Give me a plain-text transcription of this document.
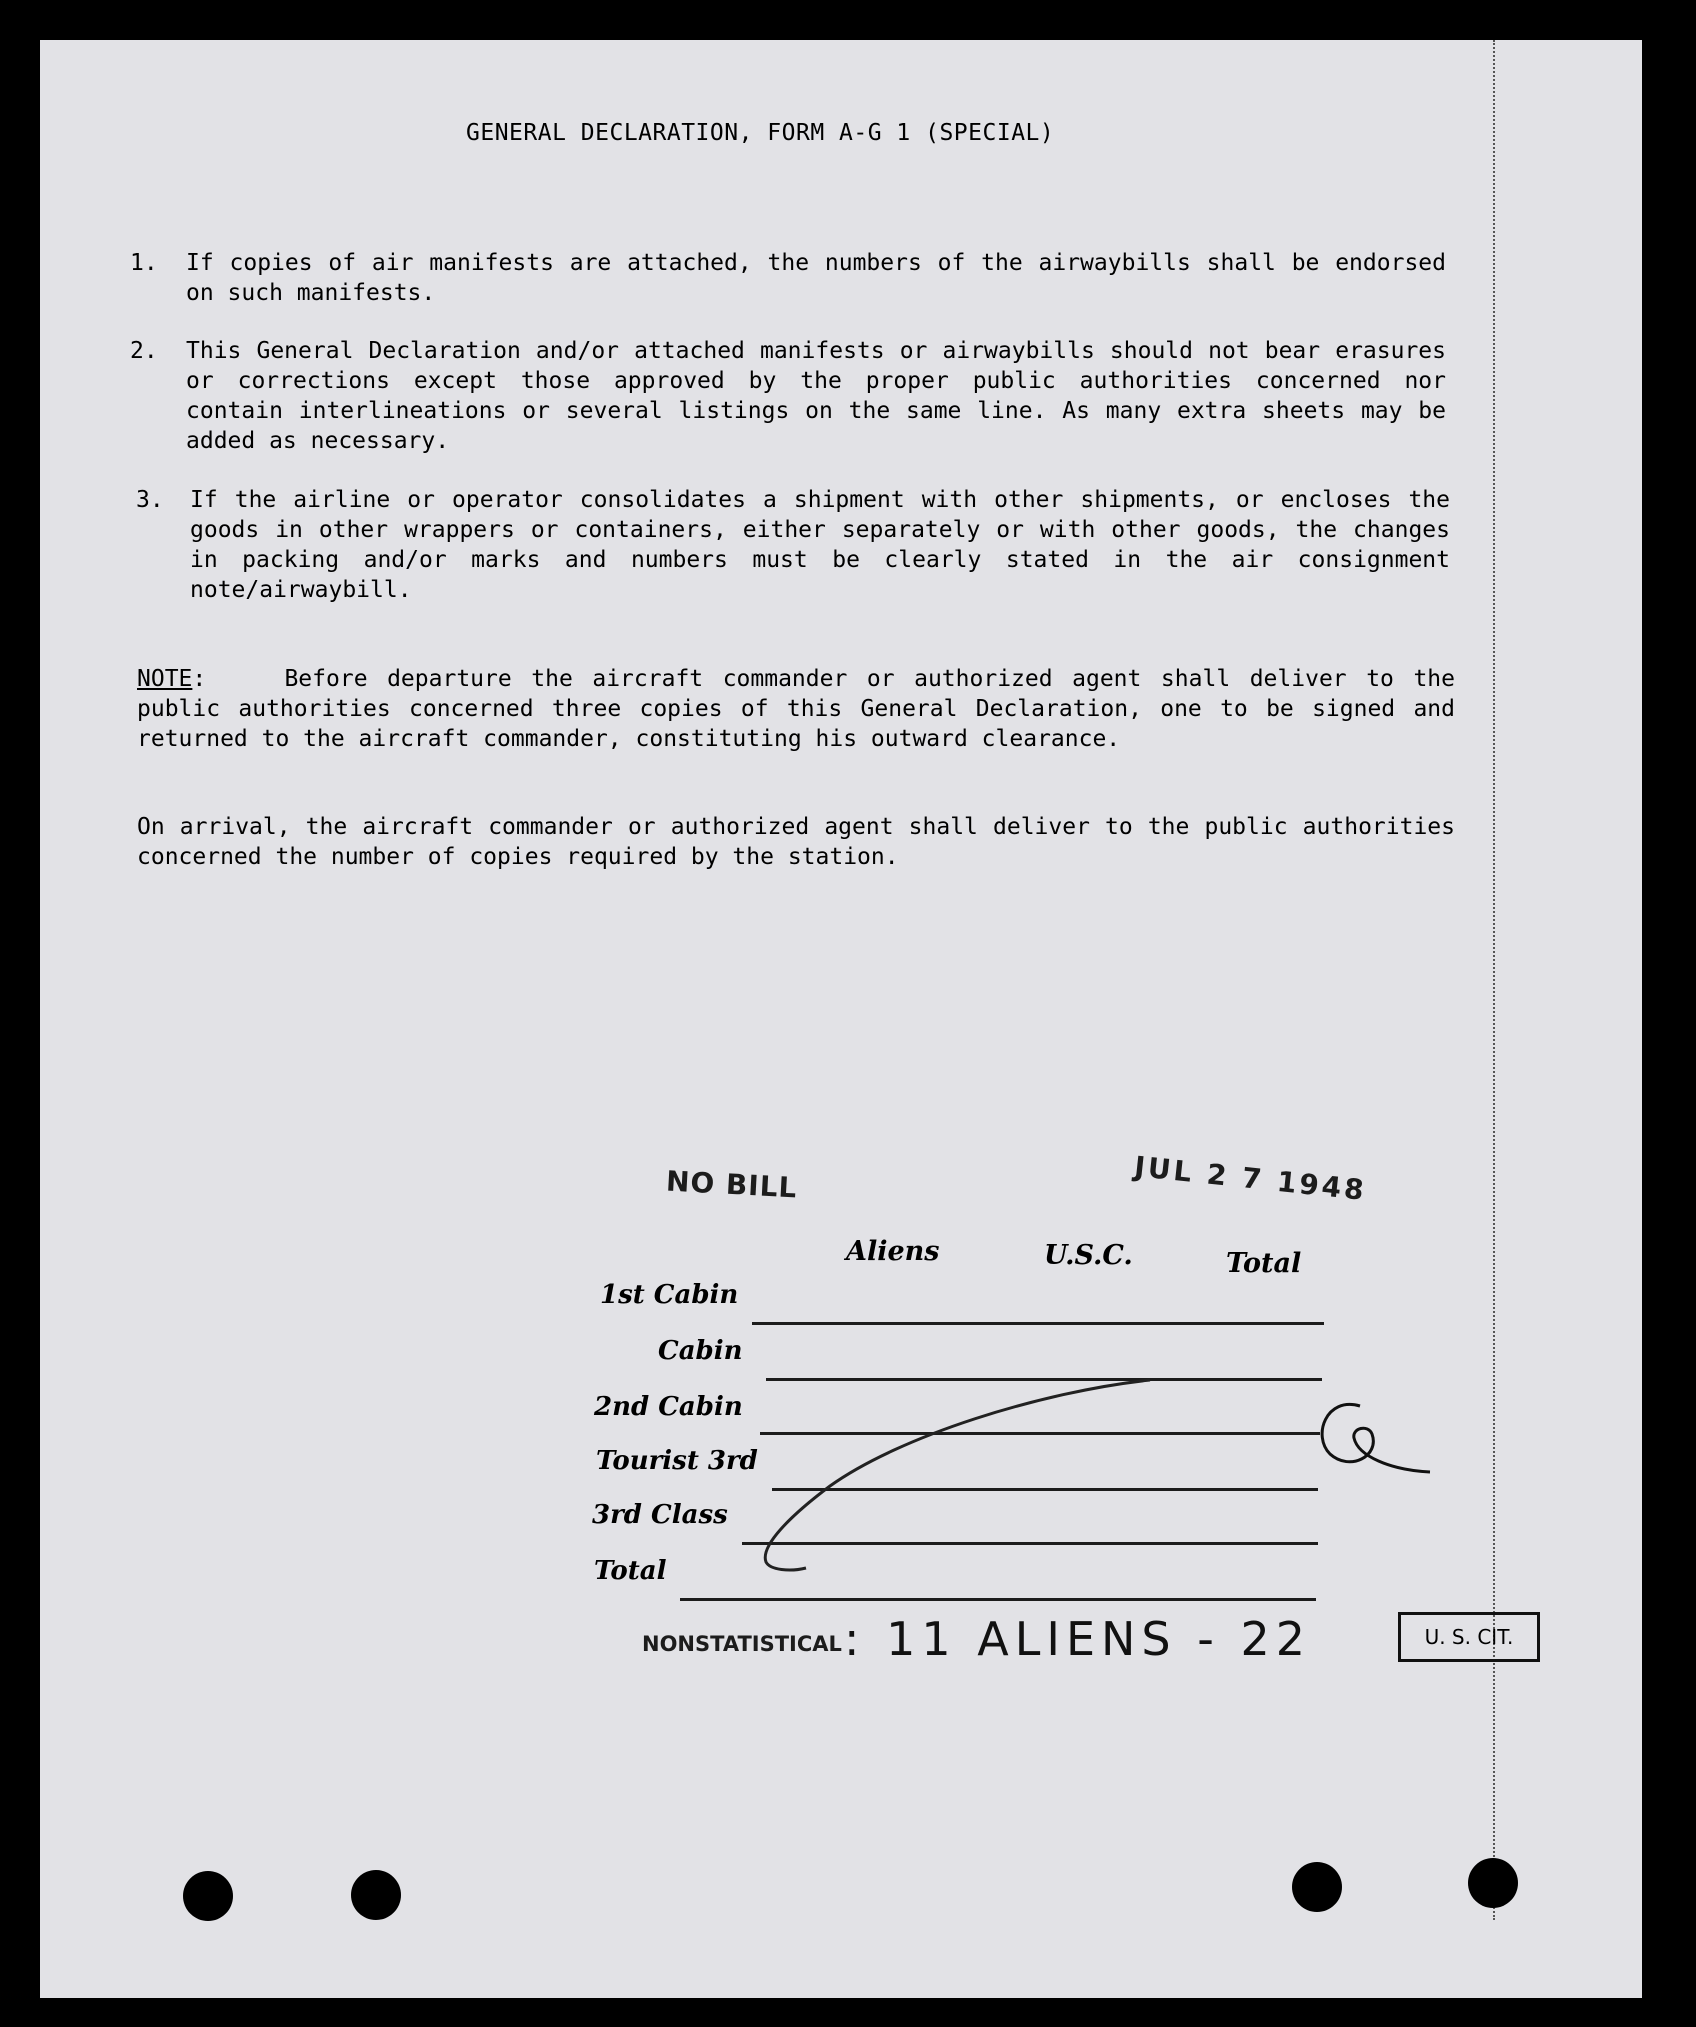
GENERAL DECLARATION, FORM A-G 1 (SPECIAL)
1. If copies of air manifests are attached, the numbers of the airwaybills shall be endorsed on such manifests.
2. This General Declaration and/or attached manifests or airwaybills should not bear erasures or corrections except those approved by the proper public authorities concerned nor contain interlineations or several listings on the same line. As many extra sheets may be added as necessary.
3. If the airline or operator consolidates a shipment with other shipments, or encloses the goods in other wrappers or containers, either separately or with other goods, the changes in packing and/or marks and numbers must be clearly stated in the air consignment note/airwaybill.
NOTE:    Before departure the aircraft commander or authorized agent shall deliver to the public authorities concerned three copies of this General Declaration, one to be signed and returned to the aircraft commander, constituting his outward clearance.
On arrival, the aircraft commander or authorized agent shall deliver to the public authorities concerned the number of copies required by the station.
NO BILL	JUL 2 7 1948
Aliens	U.S.C.	Total
1st Cabin
Cabin
2nd Cabin
Tourist 3rd
3rd Class
Total
NONSTATISTICAL : 11 ALIENS - 22	U. S. CIT.
